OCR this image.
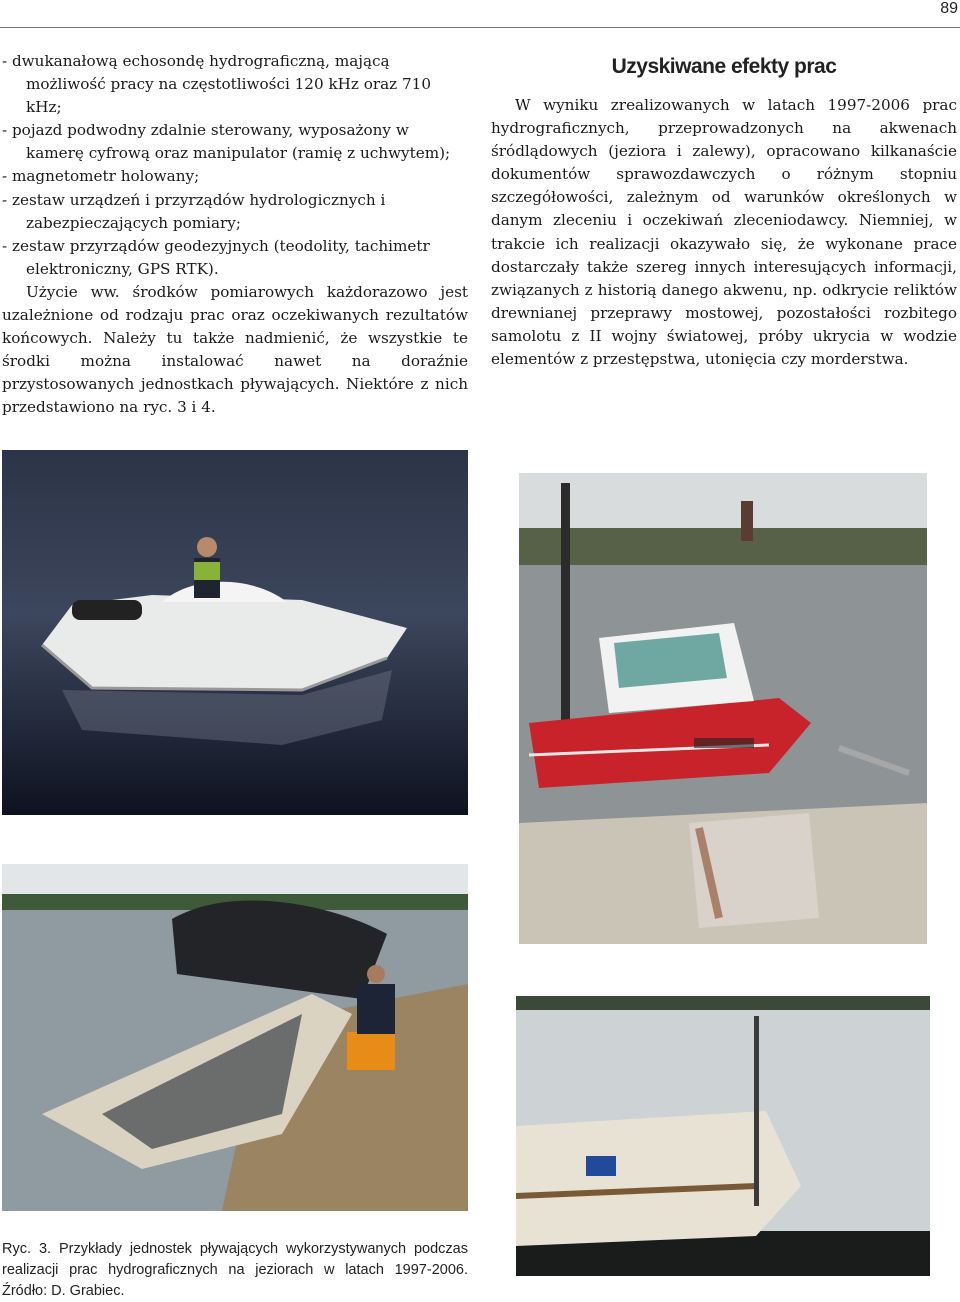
89

- dwukanałową echosondę hydrograficzną, mającą możliwość pracy na częstotliwości 120 kHz oraz 710 kHz;

- pojazd podwodny zdalnie sterowany, wyposażony w kamerę cyfrową oraz manipulator (ramię z uchwytem);

- magnetometr holowany;

- zestaw urządzeń i przyrządów hydrologicznych i zabezpieczających pomiary;

- zestaw przyrządów geodezyjnych (teodolity, tachimetr elektroniczny, GPS RTK).

Użycie ww. środków pomiarowych każdorazowo jest uzależnione od rodzaju prac oraz oczekiwanych rezultatów końcowych. Należy tu także nadmienić, że wszystkie te środki można instalować nawet na doraźnie przystosowanych jednostkach pływających. Niektóre z nich przedstawiono na ryc. 3 i 4.

Uzyskiwane efekty prac

W wyniku zrealizowanych w latach 1997-2006 prac hydrograficznych, przeprowadzonych na akwenach śródlądowych (jeziora i zalewy), opracowano kilkanaście dokumentów sprawozdawczych o różnym stopniu szczegółowości, zależnym od warunków określonych w danym zleceniu i oczekiwań zleceniodawcy. Niemniej, w trakcie ich realizacji okazywało się, że wykonane prace dostarczały także szereg innych interesujących informacji, związanych z historią danego akwenu, np. odkrycie reliktów drewnianej przeprawy mostowej, pozostałości rozbitego samolotu z II wojny światowej, próby ukrycia w wodzie elementów z przestępstwa, utonięcia czy morderstwa.

Ryc. 3. Przykłady jednostek pływających wykorzystywanych podczas realizacji prac hydrograficznych na jeziorach w latach 1997-2006. Źródło: D. Grabiec.
